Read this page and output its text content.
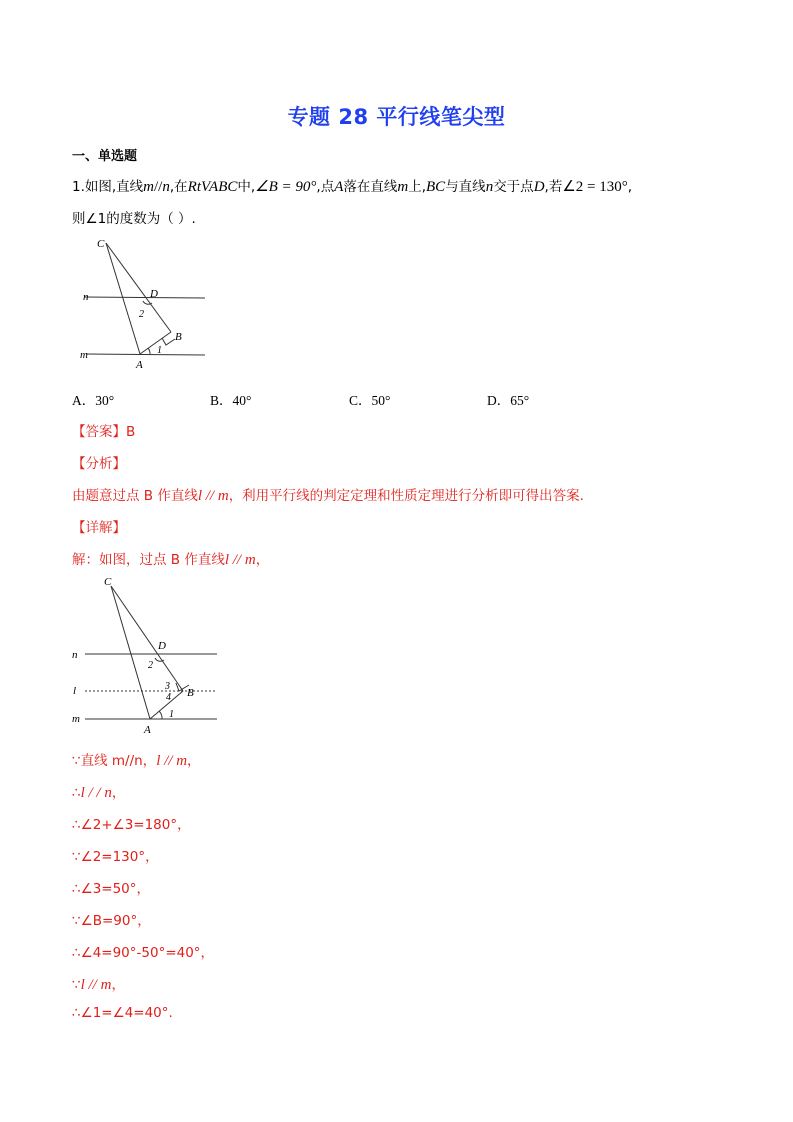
专题 28 平行线笔尖型
一、单选题
1.如图,直线m//n,在RtVABC中,∠B = 90°,点A落在直线m上,BC与直线n交于点D,若∠2 = 130°,
则∠1的度数为（ ）.
C
D
n
2
B
1
m
A
A．30°	B．40°	C．50°	D．65°
【答案】B
【分析】
由题意过点 B 作直线l // m，利用平行线的判定定理和性质定理进行分析即可得出答案.
【详解】
解：如图，过点 B 作直线l // m，
C
D
n
2
3
4 B
l
1
m
A
∵直线 m//n，l // m，
∴l / / n，
∴∠2+∠3=180°，
∵∠2=130°，
∴∠3=50°，
∵∠B=90°，
∴∠4=90°-50°=40°，
∵l // m，
∴∠1=∠4=40°.
